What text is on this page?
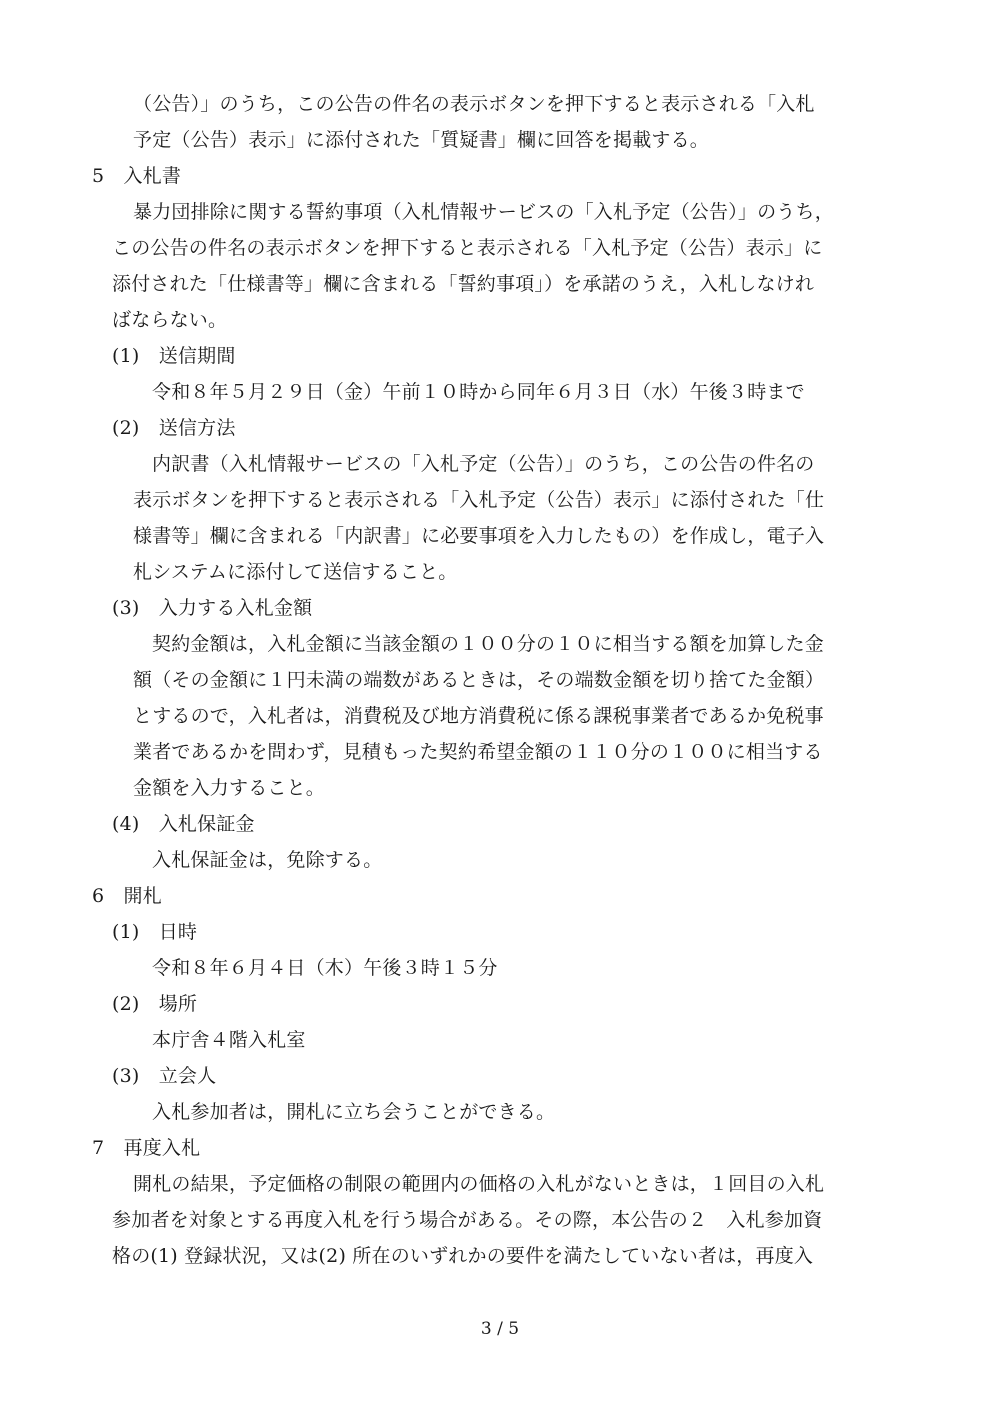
（公告）」のうち，この公告の件名の表示ボタンを押下すると表示される「入札
予定（公告）表示」に添付された「質疑書」欄に回答を掲載する。
5　入札書
暴力団排除に関する誓約事項（入札情報サービスの「入札予定（公告）」のうち，
この公告の件名の表示ボタンを押下すると表示される「入札予定（公告）表示」に
添付された「仕様書等」欄に含まれる「誓約事項」）を承諾のうえ，入札しなけれ
ばならない。
(1)　送信期間
令和８年５月２９日（金）午前１０時から同年６月３日（水）午後３時まで
(2)　送信方法
内訳書（入札情報サービスの「入札予定（公告）」のうち，この公告の件名の
表示ボタンを押下すると表示される「入札予定（公告）表示」に添付された「仕
様書等」欄に含まれる「内訳書」に必要事項を入力したもの）を作成し，電子入
札システムに添付して送信すること。
(3)　入力する入札金額
契約金額は，入札金額に当該金額の１００分の１０に相当する額を加算した金
額（その金額に１円未満の端数があるときは，その端数金額を切り捨てた金額）
とするので，入札者は，消費税及び地方消費税に係る課税事業者であるか免税事
業者であるかを問わず，見積もった契約希望金額の１１０分の１００に相当する
金額を入力すること。
(4)　入札保証金
入札保証金は，免除する。
6　開札
(1)　日時
令和８年６月４日（木）午後３時１５分
(2)　場所
本庁舎４階入札室
(3)　立会人
入札参加者は，開札に立ち会うことができる。
7　再度入札
開札の結果，予定価格の制限の範囲内の価格の入札がないときは，１回目の入札
参加者を対象とする再度入札を行う場合がある。その際，本公告の２　入札参加資
格の(1) 登録状況，又は(2) 所在のいずれかの要件を満たしていない者は，再度入
3 / 5
